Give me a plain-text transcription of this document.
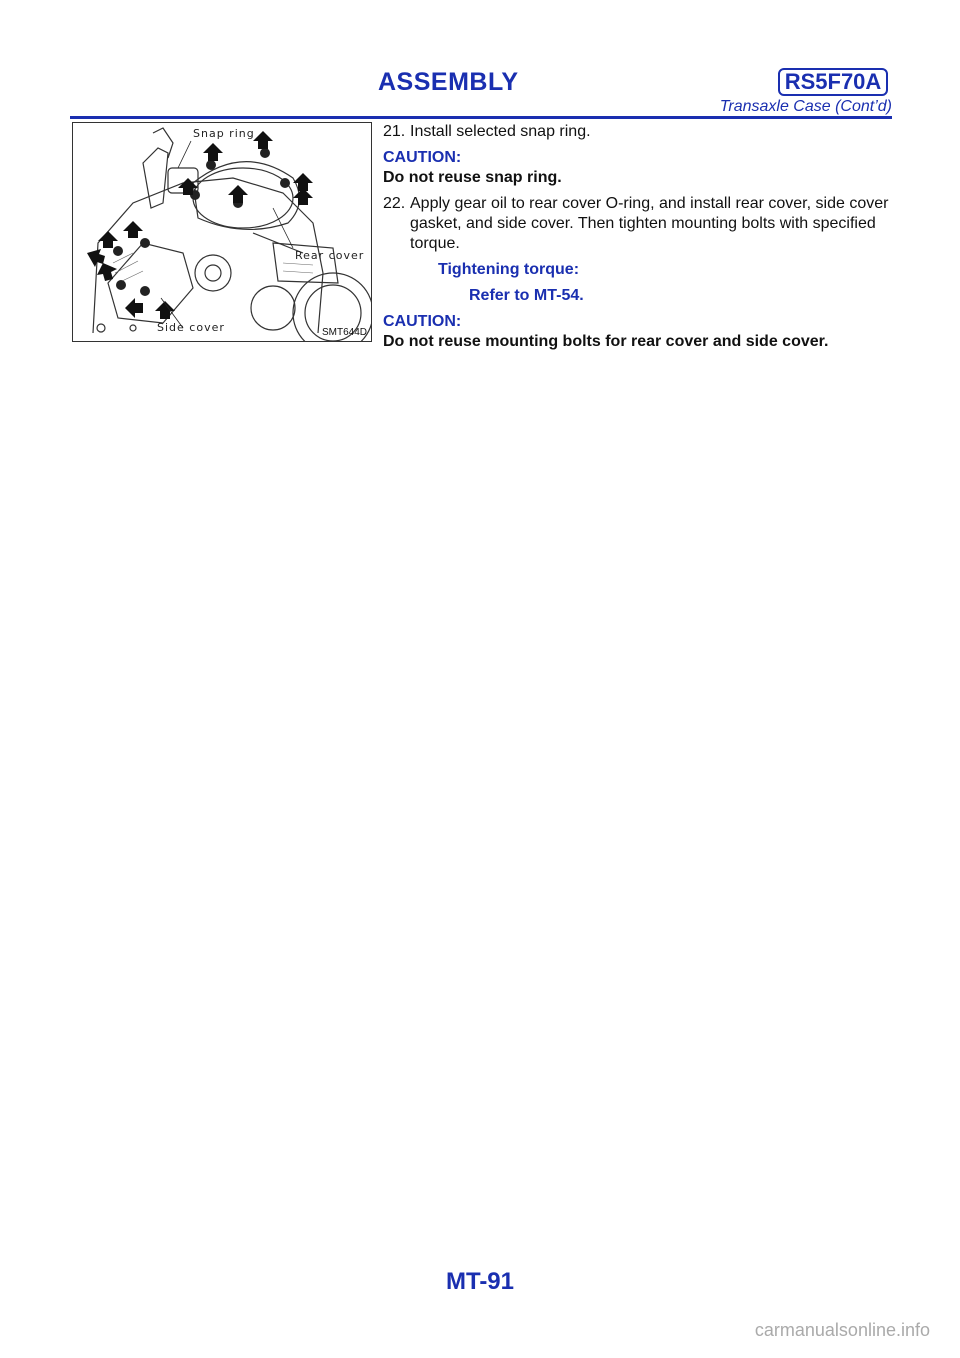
ASSEMBLY	RS5F70A
Transaxle Case (Cont’d)
Snap ring
Rear cover
Side cover	SMT644D
21. Install selected snap ring.
CAUTION:
Do not reuse snap ring.
22. Apply gear oil to rear cover O-ring, and install rear cover, side cover gasket, and side cover. Then tighten mounting bolts with specified torque.
Tightening torque:
Refer to MT-54.
CAUTION:
Do not reuse mounting bolts for rear cover and side cover.
MT-91
carmanualsonline.info
